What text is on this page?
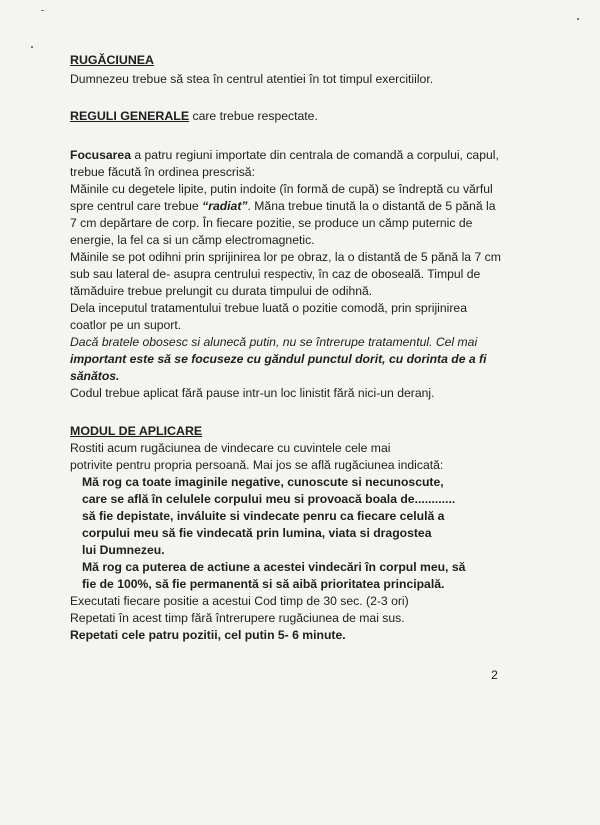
RUGĂCIUNEA
Dumnezeu trebue să stea în centrul atentiei în tot timpul exercitiilor.
REGULI GENERALE care trebue respectate.
Focusarea a patru regiuni importate din centrala de comandă a corpului, capul,
trebue făcută în ordinea prescrisă:
Măinile cu degetele lipite, putin indoite (în formă de cupă) se îndreptă cu vărful
spre centrul care trebue “radiat”. Măna trebue tinută la o distantă de 5 pănă la
7 cm depărtare de corp. În fiecare pozitie, se produce un cămp puternic de
energie, la fel ca si un cămp electromagnetic.
Măinile se pot odihni prin sprijinirea lor pe obraz, la o distantă de 5 pănă la 7 cm
sub sau lateral de- asupra centrului respectiv, în caz de oboseală. Timpul de
tămăduire trebue prelungit cu durata timpului de odihnă.
Dela inceputul tratamentului trebue luată o pozitie comodă, prin sprijinirea
coatlor pe un suport.
Dacă bratele obosesc si alunecă putin, nu se întrerupe tratamentul. Cel mai
important este să se focuseze cu găndul punctul dorit, cu dorinta de a fi
sănătos.
Codul trebue aplicat fără pause intr-un loc linistit fără nici-un deranj.
MODUL DE APLICARE
Rostiti acum rugăciunea de vindecare cu cuvintele cele mai
potrivite pentru propria persoană. Mai jos se află rugăciunea indicată:
Mă rog ca toate imaginile negative, cunoscute si necunoscute,
care se află în celulele corpului meu si provoacă boala de............
să fie depistate, inváluite si vindecate penru ca fiecare celulă a
corpului meu să fie vindecată prin lumina, viata si dragostea
lui Dumnezeu.
Mă rog ca puterea de actiune a acestei vindecări în corpul meu, să
fie de 100%, să fie permanentă si să aibă prioritatea principală.
Executati fiecare positie a acestui Cod timp de 30 sec. (2-3 ori)
Repetati în acest timp fără întrerupere rugăciunea de mai sus.
Repetati cele patru pozitii, cel putin 5- 6 minute.
2
